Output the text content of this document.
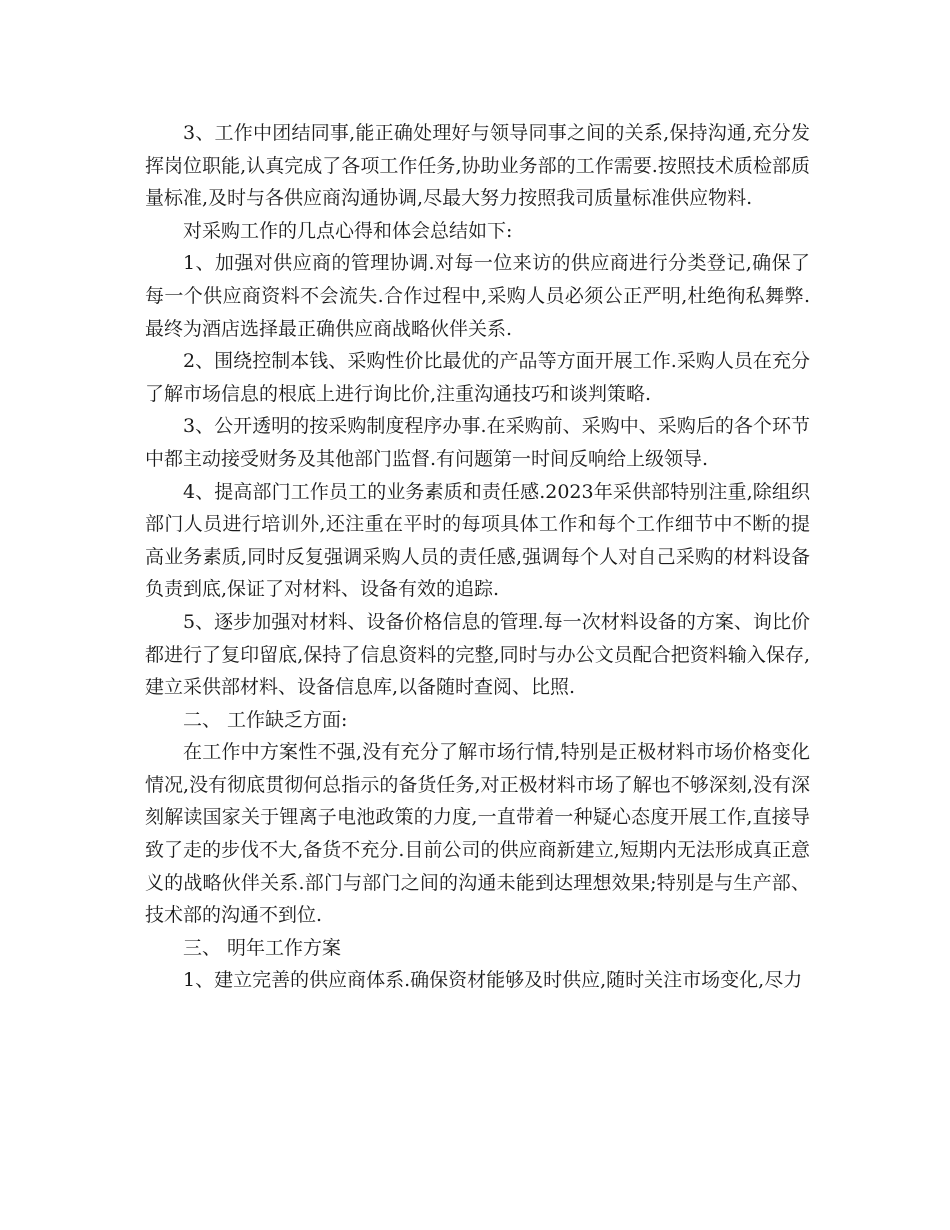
3、工作中团结同事,能正确处理好与领导同事之间的关系,保持沟通,充分发挥岗位职能,认真完成了各项工作任务,协助业务部的工作需要.按照技术质检部质量标准,及时与各供应商沟通协调,尽最大努力按照我司质量标准供应物料.

对采购工作的几点心得和体会总结如下:

1、加强对供应商的管理协调.对每一位来访的供应商进行分类登记,确保了每一个供应商资料不会流失.合作过程中,采购人员必须公正严明,杜绝徇私舞弊.最终为酒店选择最正确供应商战略伙伴关系.

2、围绕控制本钱、采购性价比最优的产品等方面开展工作.采购人员在充分了解市场信息的根底上进行询比价,注重沟通技巧和谈判策略.

3、公开透明的按采购制度程序办事.在采购前、采购中、采购后的各个环节中都主动接受财务及其他部门监督.有问题第一时间反响给上级领导.

4、提高部门工作员工的业务素质和责任感.2023年采供部特别注重,除组织部门人员进行培训外,还注重在平时的每项具体工作和每个工作细节中不断的提高业务素质,同时反复强调采购人员的责任感,强调每个人对自己采购的材料设备负责到底,保证了对材料、设备有效的追踪.

5、逐步加强对材料、设备价格信息的管理.每一次材料设备的方案、询比价都进行了复印留底,保持了信息资料的完整,同时与办公文员配合把资料输入保存,建立采供部材料、设备信息库,以备随时查阅、比照.

二、 工作缺乏方面:

在工作中方案性不强,没有充分了解市场行情,特别是正极材料市场价格变化情况,没有彻底贯彻何总指示的备货任务,对正极材料市场了解也不够深刻,没有深刻解读国家关于锂离子电池政策的力度,一直带着一种疑心态度开展工作,直接导致了走的步伐不大,备货不充分.目前公司的供应商新建立,短期内无法形成真正意义的战略伙伴关系.部门与部门之间的沟通未能到达理想效果;特别是与生产部、技术部的沟通不到位.

三、 明年工作方案

1、建立完善的供应商体系.确保资材能够及时供应,随时关注市场变化,尽力
